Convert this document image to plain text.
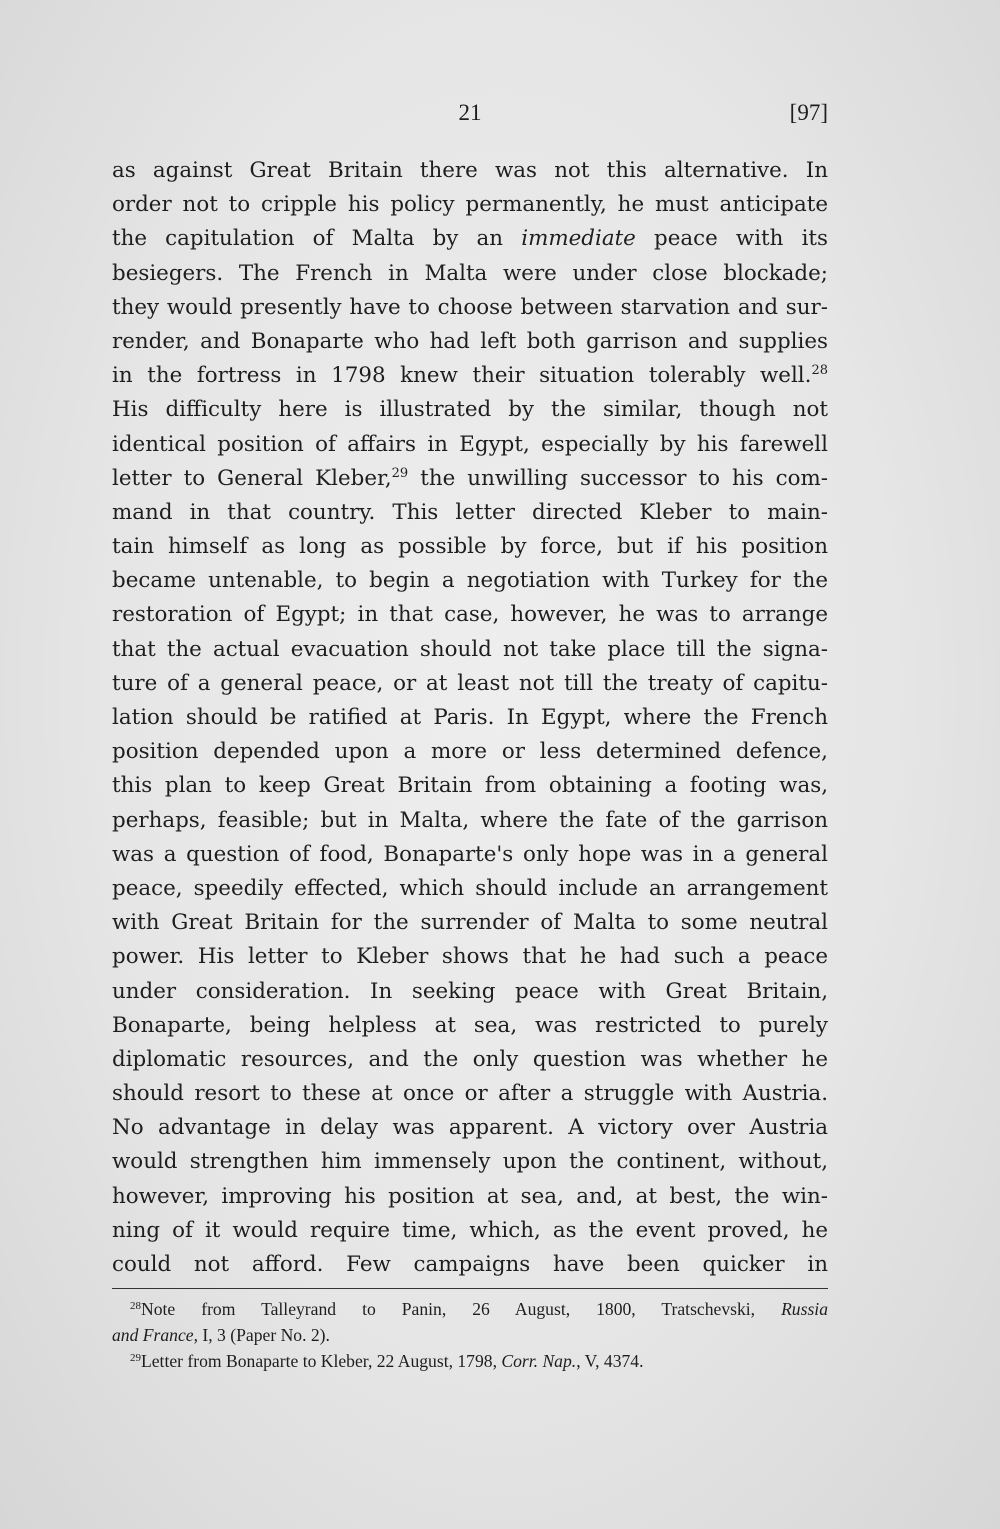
21	[97]
as against Great Britain there was not this alternative. In
order not to cripple his policy permanently, he must anticipate
the capitulation of Malta by an immediate peace with its
besiegers. The French in Malta were under close blockade;
they would presently have to choose between starvation and sur-
render, and Bonaparte who had left both garrison and supplies
in the fortress in 1798 knew their situation tolerably well.$^{28}$
His difficulty here is illustrated by the similar, though not
identical position of affairs in Egypt, especially by his farewell
letter to General Kleber,$^{29}$ the unwilling successor to his com-
mand in that country. This letter directed Kleber to main-
tain himself as long as possible by force, but if his position
became untenable, to begin a negotiation with Turkey for the
restoration of Egypt; in that case, however, he was to arrange
that the actual evacuation should not take place till the signa-
ture of a general peace, or at least not till the treaty of capitu-
lation should be ratified at Paris. In Egypt, where the French
position depended upon a more or less determined defence,
this plan to keep Great Britain from obtaining a footing was,
perhaps, feasible; but in Malta, where the fate of the garrison
was a question of food, Bonaparte's only hope was in a general
peace, speedily effected, which should include an arrangement
with Great Britain for the surrender of Malta to some neutral
power. His letter to Kleber shows that he had such a peace
under consideration. In seeking peace with Great Britain,
Bonaparte, being helpless at sea, was restricted to purely
diplomatic resources, and the only question was whether he
should resort to these at once or after a struggle with Austria.
No advantage in delay was apparent. A victory over Austria
would strengthen him immensely upon the continent, without,
however, improving his position at sea, and, at best, the win-
ning of it would require time, which, as the event proved, he
could not afford. Few campaigns have been quicker in

$^{28}$Note from Talleyrand to Panin, 26 August, 1800, Tratschevski, Russia
and France, I, 3 (Paper No. 2).

$^{29}$Letter from Bonaparte to Kleber, 22 August, 1798, Corr. Nap., V, 4374.
